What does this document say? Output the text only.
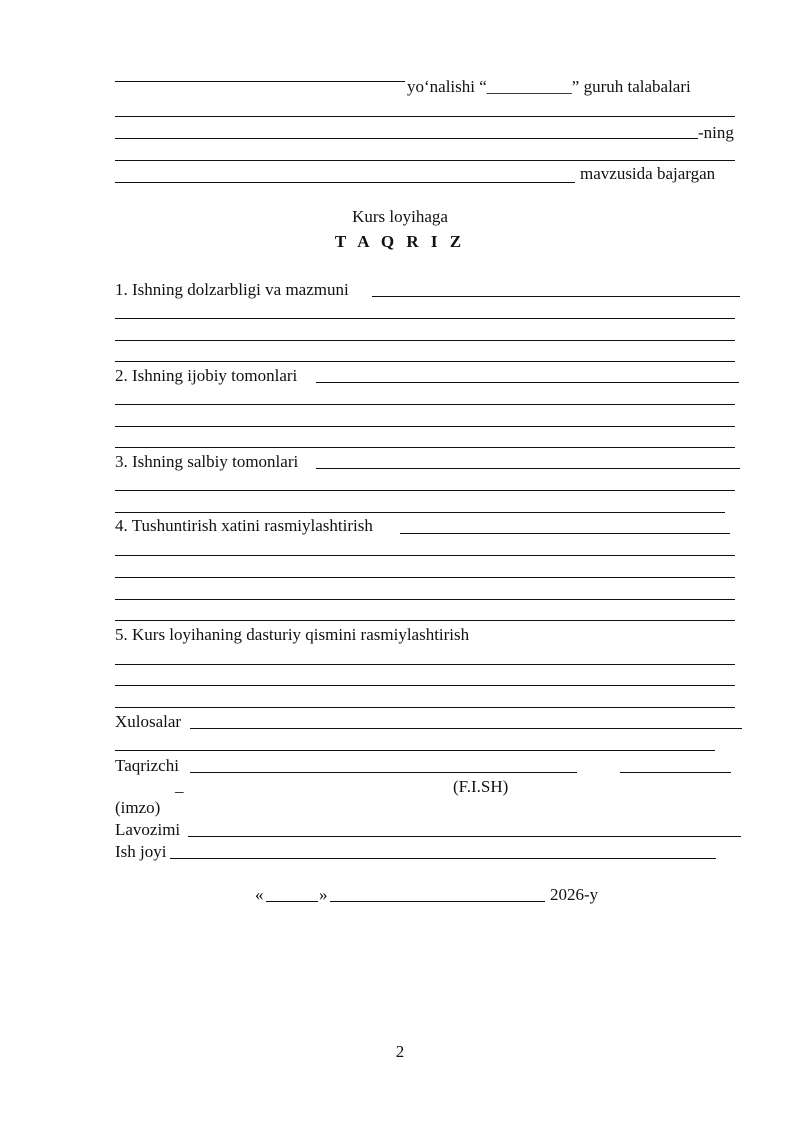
yo‘nalishi “__________” guruh talabalari
-ning
mavzusida bajargan
Kurs loyihaga
T A Q R I Z
1. Ishning dolzarbligi va mazmuni
2. Ishning ijobiy tomonlari
3. Ishning salbiy tomonlari
4. Tushuntirish xatini rasmiylashtirish
5. Kurs loyihaning dasturiy qismini rasmiylashtirish
Xulosalar
Taqrizchi
_	(F.I.SH)
(imzo)
Lavozimi
Ish joyi
«	»	2026-y
2
